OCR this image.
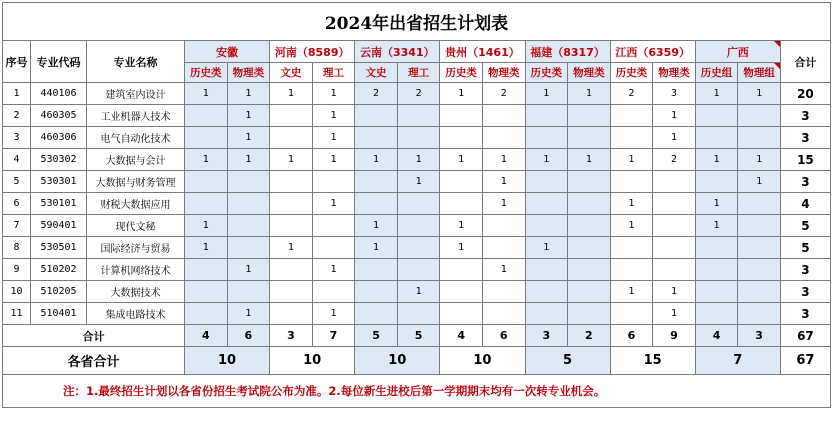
2024年出省招生计划表																	
序号	专业代码	专业名称	安徽		河南（8589）		云南（3341）		贵州（1461）		福建（8317）		江西（6359）		广西		合计
			历史类	物理类	文史	理工	文史	理工	历史类	物理类	历史类	物理类	历史类	物理类	历史组	物理组	
1	440106	建筑室内设计	1	1	1	1	2	2	1	2	1	1	2	3	1	1	20
2	460305	工业机器人技术		1		1								1			3
3	460306	电气自动化技术		1		1								1			3
4	530302	大数据与会计	1	1	1	1	1	1	1	1	1	1	1	2	1	1	15
5	530301	大数据与财务管理						1		1						1	3
6	530101	财税大数据应用				1				1			1		1		4
7	590401	现代文秘	1				1		1				1		1		5
8	530501	国际经济与贸易	1		1		1		1		1						5
9	510202	计算机网络技术		1		1				1							3
10	510205	大数据技术						1					1	1			3
11	510401	集成电路技术		1		1								1			3
合计			4	6	3	7	5	5	4	6	3	2	6	9	4	3	67
各省合计			10		10		10		10		5		15		7		67
注：1.最终招生计划以各省份招生考试院公布为准。2.每位新生进校后第一学期期末均有一次转专业机会。																	
